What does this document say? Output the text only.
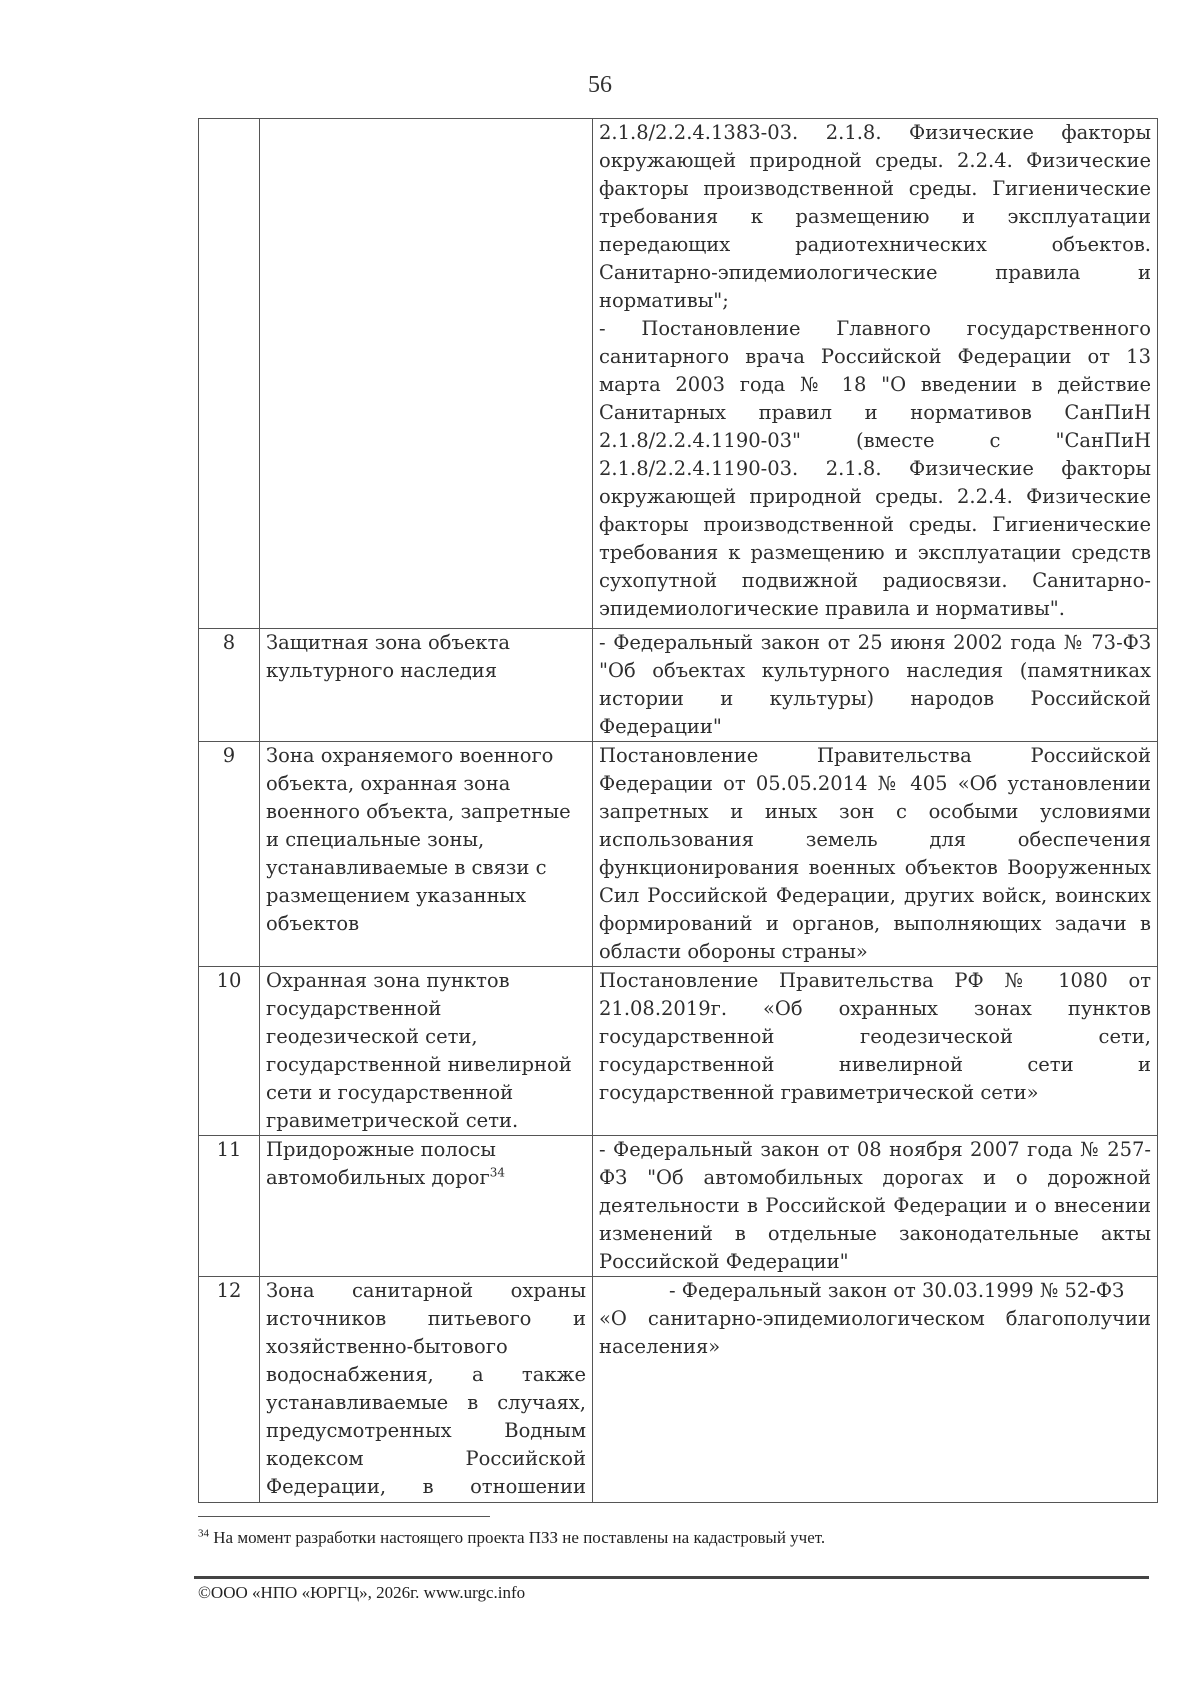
56

		2.1.8/2.2.4.1383-03. 2.1.8. Физические факторы окружающей природной среды. 2.2.4. Физические факторы производственной среды. Гигиенические требования к размещению и эксплуатации передающих радиотехнических объектов. Санитарно-эпидемиологические правила и нормативы";
- Постановление Главного государственного санитарного врача Российской Федерации от 13 марта 2003 года № 18 "О введении в действие Санитарных правил и нормативов СанПиН 2.1.8/2.2.4.1190-03" (вместе с "СанПиН 2.1.8/2.2.4.1190-03. 2.1.8. Физические факторы окружающей природной среды. 2.2.4. Физические факторы производственной среды. Гигиенические требования к размещению и эксплуатации средств сухопутной подвижной радиосвязи. Санитарно-эпидемиологические правила и нормативы".

8	Защитная зона объекта культурного наследия	- Федеральный закон от 25 июня 2002 года № 73-ФЗ "Об объектах культурного наследия (памятниках истории и культуры) народов Российской Федерации"

9	Зона охраняемого военного объекта, охранная зона военного объекта, запретные и специальные зоны, устанавливаемые в связи с размещением указанных объектов	Постановление Правительства Российской Федерации от 05.05.2014 № 405 «Об установлении запретных и иных зон с особыми условиями использования земель для обеспечения функционирования военных объектов Вооруженных Сил Российской Федерации, других войск, воинских формирований и органов, выполняющих задачи в области обороны страны»

10	Охранная зона пунктов государственной геодезической сети, государственной нивелирной сети и государственной гравиметрической сети.	Постановление Правительства РФ № 1080 от 21.08.2019г. «Об охранных зонах пунктов государственной геодезической сети, государственной нивелирной сети и государственной гравиметрической сети»

11	Придорожные полосы автомобильных дорог$^{34}$	- Федеральный закон от 08 ноября 2007 года № 257-ФЗ "Об автомобильных дорогах и о дорожной деятельности в Российской Федерации и о внесении изменений в отдельные законодательные акты Российской Федерации"

12	Зона санитарной охраны источников питьевого и хозяйственно-бытового водоснабжения, а также устанавливаемые в случаях, предусмотренных Водным кодексом Российской Федерации, в отношении	- Федеральный закон от 30.03.1999 № 52-ФЗ
«О санитарно-эпидемиологическом благополучии населения»
$^{34}$ На момент разработки настоящего проекта ПЗЗ не поставлены на кадастровый учет.
©ООО «НПО «ЮРГЦ», 2026г. www.urgc.info
